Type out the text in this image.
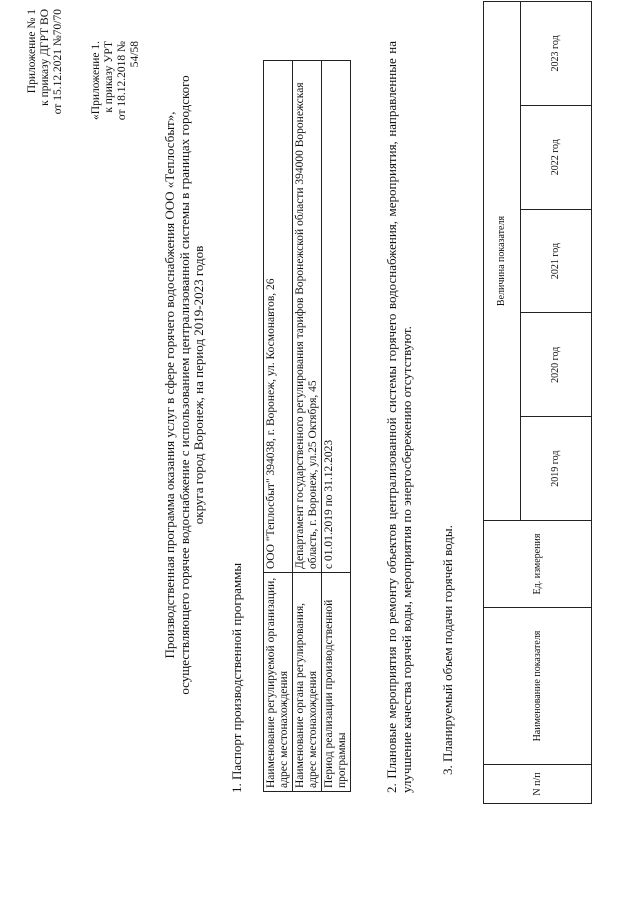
Приложение № 1 к приказу ДГРТ ВО от 15.12.2021 №70/70 «Приложение 1. к приказу УРТ от 18.12.2018 № 54/58
Производственная программа оказания услуг в сфере горячего водоснабжения ООО «Теплосбыт», осуществляющего горячее водоснабжение с использованием централизованной системы в границах городского округа город Воронеж, на период 2019-2023 годов
1. Паспорт производственной программы Наименование регулируемой организации, адрес местонахождения	ООО "Теплосбыт" 394038, г. Воронеж, ул. Космонавтов, 26
Наименование органа регулирования, адрес местонахождения	Департамент государственного регулирования тарифов Воронежской области 394000 Воронежская область, г. Воронеж, ул.25 Октября, 45
Период реализации производственной программы	с 01.01.2019 по 31.12.2023	2. Плановые мероприятия по ремонту объектов централизованной системы горячего водоснабжения, мероприятия, направленные на улучшение качества горячей воды, мероприятия по энергосбережению отсутствуют. 3. Планируемый объем подачи горячей воды.
N п/п	Наименование показателя	Ед. измерения	Величина показателя				
			2019 год	2020 год	2021 год	2022 год	2023 год
